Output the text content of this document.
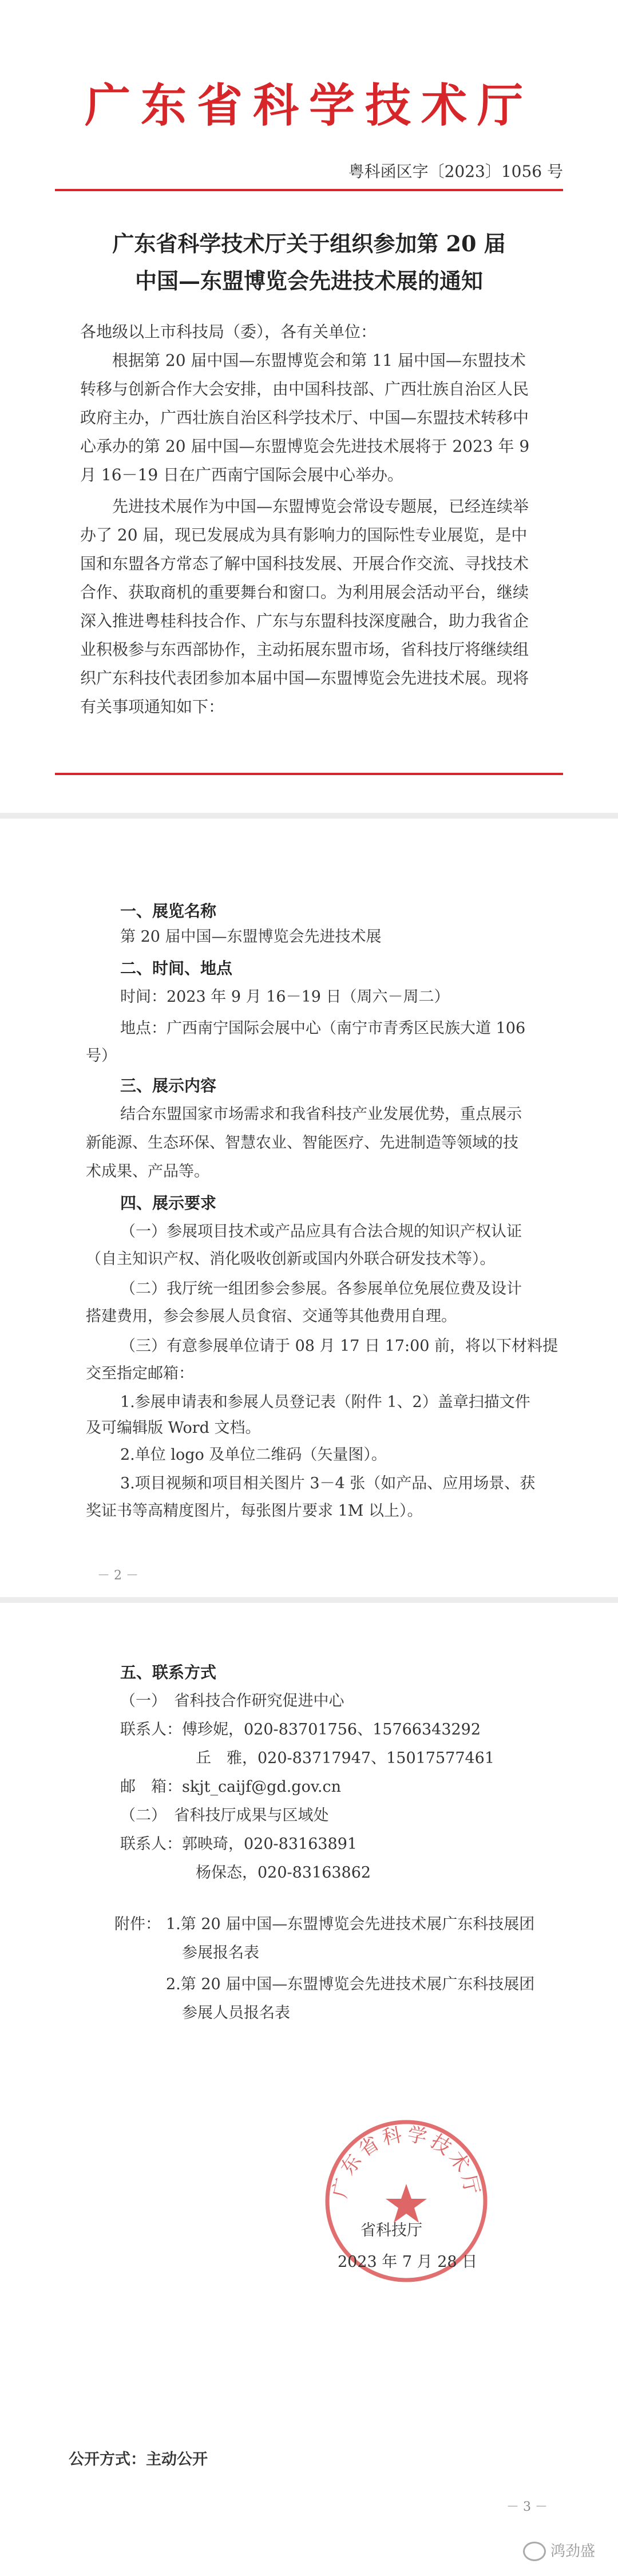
广东省科学技术厅
粤科函区字〔2023〕1056 号
广东省科学技术厅关于组织参加第 20 届
中国—东盟博览会先进技术展的通知
各地级以上市科技局（委），各有关单位：
根据第 20 届中国—东盟博览会和第 11 届中国—东盟技术转移与创新合作大会安排，由中国科技部、广西壮族自治区人民政府主办，广西壮族自治区科学技术厅、中国—东盟技术转移中心承办的第 20 届中国—东盟博览会先进技术展将于 2023 年 9 月 16－19 日在广西南宁国际会展中心举办。
先进技术展作为中国—东盟博览会常设专题展，已经连续举办了 20 届，现已发展成为具有影响力的国际性专业展览，是中国和东盟各方常态了解中国科技发展、开展合作交流、寻找技术合作、获取商机的重要舞台和窗口。为利用展会活动平台，继续深入推进粤桂科技合作、广东与东盟科技深度融合，助力我省企业积极参与东西部协作，主动拓展东盟市场，省科技厅将继续组织广东科技代表团参加本届中国—东盟博览会先进技术展。现将有关事项通知如下：
一、展览名称
第 20 届中国—东盟博览会先进技术展
二、时间、地点
时间：2023 年 9 月 16－19 日（周六－周二）
地点：广西南宁国际会展中心（南宁市青秀区民族大道 106
号）
三、展示内容
结合东盟国家市场需求和我省科技产业发展优势，重点展示
新能源、生态环保、智慧农业、智能医疗、先进制造等领域的技
术成果、产品等。
四、展示要求
（一）参展项目技术或产品应具有合法合规的知识产权认证
（自主知识产权、消化吸收创新或国内外联合研发技术等）。
（二）我厅统一组团参会参展。各参展单位免展位费及设计
搭建费用，参会参展人员食宿、交通等其他费用自理。
（三）有意参展单位请于 08 月 17 日 17:00 前，将以下材料提
交至指定邮箱：
1.参展申请表和参展人员登记表（附件 1、2）盖章扫描文件
及可编辑版 Word 文档。
2.单位 logo 及单位二维码（矢量图）。
3.项目视频和项目相关图片 3－4 张（如产品、应用场景、获
奖证书等高精度图片，每张图片要求 1M 以上）。
－ 2 －
五、联系方式
（一）　省科技合作研究促进中心
联系人：傅珍妮，020-83701756、15766343292
丘　雅，020-83717947、15017577461
邮　箱：skjt_caijf@gd.gov.cn
（二）　省科技厅成果与区域处
联系人：郭映琦，020-83163891
杨保态，020-83163862
附件： 1.第 20 届中国—东盟博览会先进技术展广东科技展团
参展报名表
2.第 20 届中国—东盟博览会先进技术展广东科技展团
参展人员报名表
广东省科学技术厅
省科技厅
2023 年 7 月 28 日
公开方式：主动公开
－ 3 －
鸿劲盛
